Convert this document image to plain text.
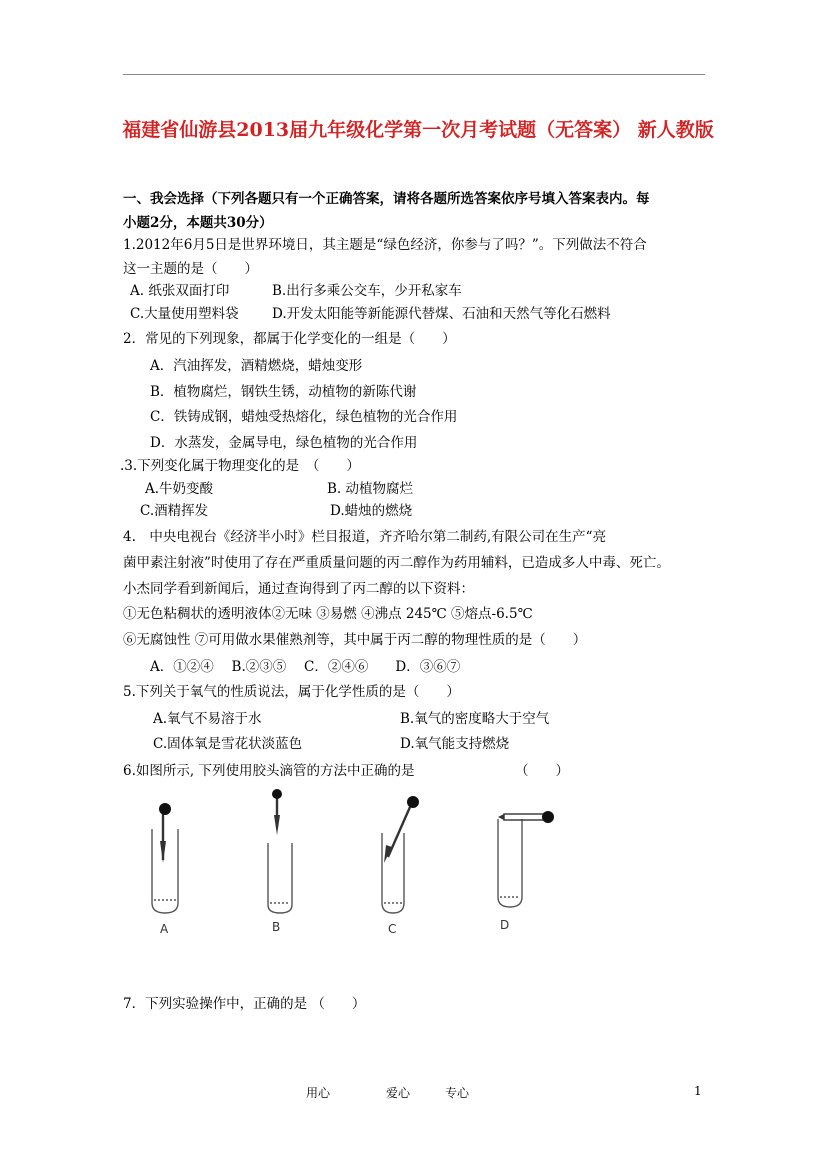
福建省仙游县2013届九年级化学第一次月考试题（无答案） 新人教版
一、我会选择（下列各题只有一个正确答案，请将各题所选答案依序号填入答案表内。每
小题2分，本题共30分）
1.2012年6月5日是世界环境日，其主题是“绿色经济，你参与了吗？”。下列做法不符合
这一主题的是（　　）
A. 纸张双面打印	B.出行多乘公交车，少开私家车
C.大量使用塑料袋 D.开发太阳能等新能源代替煤、石油和天然气等化石燃料
2．常见的下列现象，都属于化学变化的一组是（　　）
A．汽油挥发，酒精燃烧，蜡烛变形
B．植物腐烂，钢铁生锈，动植物的新陈代谢
C．铁铸成钢，蜡烛受热熔化，绿色植物的光合作用
D．水蒸发，金属导电，绿色植物的光合作用
.3.下列变化属于物理变化的是　（　　）
A.牛奶变酸	B. 动植物腐烂
C.酒精挥发	D.蜡烛的燃烧
4.　中央电视台《经济半小时》栏目报道，齐齐哈尔第二制药,有限公司在生产“亮
菌甲素注射液”时使用了存在严重质量问题的丙二醇作为药用辅料，已造成多人中毒、死亡。
小杰同学看到新闻后，通过查询得到了丙二醇的以下资料：
①无色粘稠状的透明液体②无味 ③易燃 ④沸点 245℃ ⑤熔点-6.5℃
⑥无腐蚀性 ⑦可用做水果催熟剂等，其中属于丙二醇的物理性质的是（　　）
A．①②④　 B.②③⑤　 C．②④⑥　　D．③⑥⑦
5.下列关于氧气的性质说法，属于化学性质的是（　　）
A.氧气不易溶于水	B.氧气的密度略大于空气
C.固体氧是雪花状淡蓝色	D.氧气能支持燃烧
6.如图所示, 下列使用胶头滴管的方法中正确的是	（　　）
A	B	C	D
7．下列实验操作中，正确的是 （　　）
用心	爱心	专心	1
